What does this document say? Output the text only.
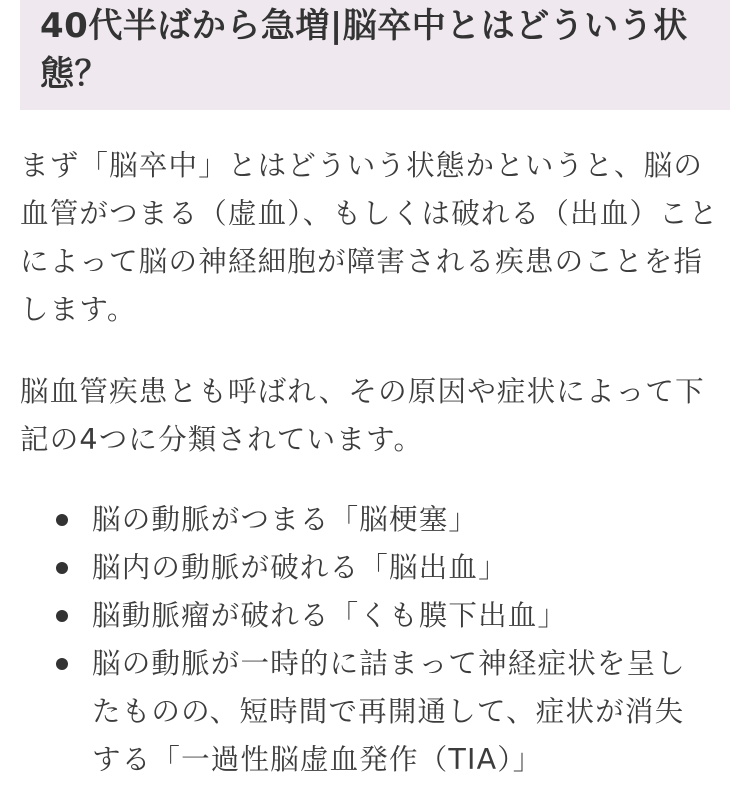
40代半ばから急増|脳卒中とはどういう状態？

まず「脳卒中」とはどういう状態かというと、脳の血管がつまる（虚血）、もしくは破れる（出血）ことによって脳の神経細胞が障害される疾患のことを指します。

脳血管疾患とも呼ばれ、その原因や症状によって下記の4つに分類されています。

脳の動脈がつまる「脳梗塞」
脳内の動脈が破れる「脳出血」
脳動脈瘤が破れる「くも膜下出血」
脳の動脈が一時的に詰まって神経症状を呈したものの、短時間で再開通して、症状が消失する「一過性脳虚血発作（TIA）」
